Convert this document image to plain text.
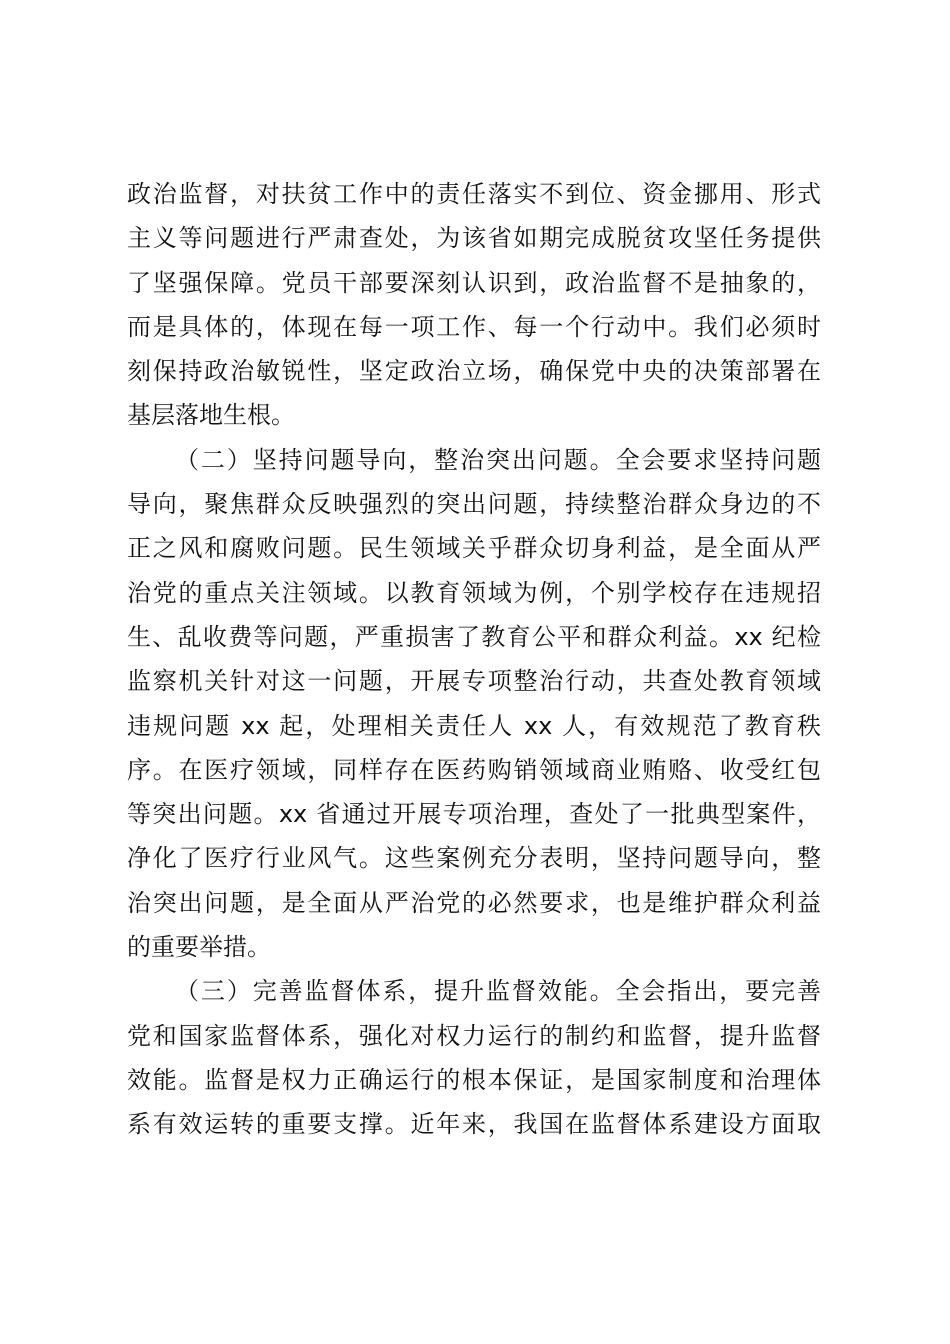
政治监督，对扶贫工作中的责任落实不到位、资金挪用、形式
主义等问题进行严肃查处，为该省如期完成脱贫攻坚任务提供
了坚强保障。党员干部要深刻认识到，政治监督不是抽象的，
而是具体的，体现在每一项工作、每一个行动中。我们必须时
刻保持政治敏锐性，坚定政治立场，确保党中央的决策部署在
基层落地生根。

（二）坚持问题导向，整治突出问题。全会要求坚持问题
导向，聚焦群众反映强烈的突出问题，持续整治群众身边的不
正之风和腐败问题。民生领域关乎群众切身利益，是全面从严
治党的重点关注领域。以教育领域为例，个别学校存在违规招
生、乱收费等问题，严重损害了教育公平和群众利益。xx 纪检
监察机关针对这一问题，开展专项整治行动，共查处教育领域
违规问题 xx 起，处理相关责任人 xx 人，有效规范了教育秩
序。在医疗领域，同样存在医药购销领域商业贿赂、收受红包
等突出问题。xx 省通过开展专项治理，查处了一批典型案件，
净化了医疗行业风气。这些案例充分表明，坚持问题导向，整
治突出问题，是全面从严治党的必然要求，也是维护群众利益
的重要举措。

（三）完善监督体系，提升监督效能。全会指出，要完善
党和国家监督体系，强化对权力运行的制约和监督，提升监督
效能。监督是权力正确运行的根本保证，是国家制度和治理体
系有效运转的重要支撑。近年来，我国在监督体系建设方面取
